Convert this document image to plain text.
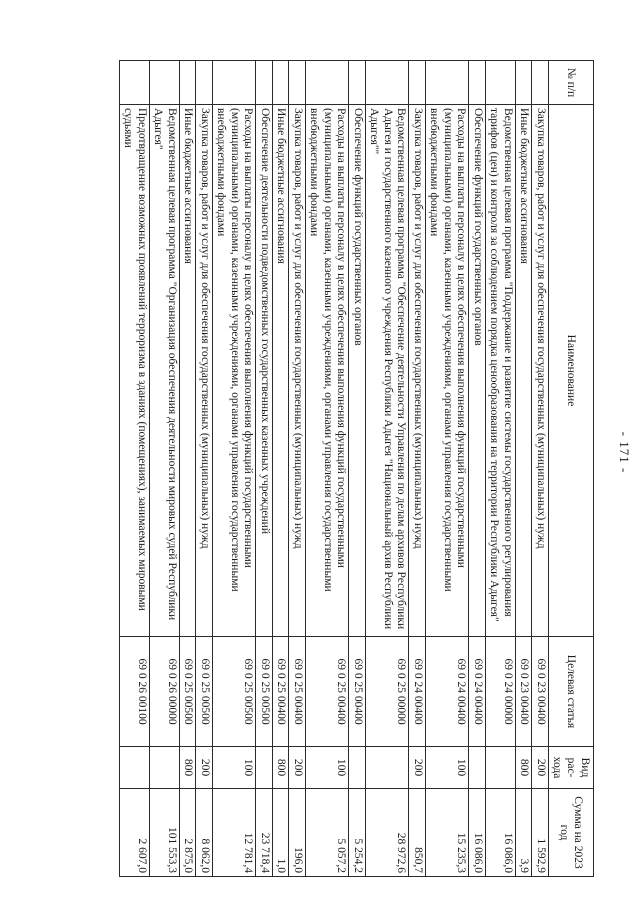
- 171 -
№ п/п	Наименование	Целевая статья	Вид рас-хода	Сумма на 2023 год
	Закупка товаров, работ и услуг для обеспечения государственных (муниципальных) нужд	69 0 23 00400	200	1 592,9
	Иные бюджетные ассигнования	69 0 23 00400	800	3,9
	Ведомственная целевая программа "Поддержание и развитие системы государственного регулирования тарифов (цен) и контроля за соблюдением порядка ценообразования на территории Республики Адыгея"	69 0 24 00000		16 086,0
	Обеспечение функций государственных органов	69 0 24 00400		16 086,0
	Расходы на выплаты персоналу в целях обеспечения выполнения функций государственными (муниципальными) органами, казенными учреждениями, органами управления государственными внебюджетными фондами	69 0 24 00400	100	15 235,3
	Закупка товаров, работ и услуг для обеспечения государственных (муниципальных) нужд	69 0 24 00400	200	850,7
	Ведомственная целевая программа "Обеспечение деятельности Управления по делам архивов Республики Адыгея и государственного казенного учреждения Республики Адыгея "Национальный архив Республики Адыгея""	69 0 25 00000		28 972,6
	Обеспечение функций государственных органов	69 0 25 00400		5 254,2
	Расходы на выплаты персоналу в целях обеспечения выполнения функций государственными (муниципальными) органами, казенными учреждениями, органами управления государственными внебюджетными фондами	69 0 25 00400	100	5 057,2
	Закупка товаров, работ и услуг для обеспечения государственных (муниципальных) нужд	69 0 25 00400	200	196,0
	Иные бюджетные ассигнования	69 0 25 00400	800	1,0
	Обеспечение деятельности подведомственных государственных казенных учреждений	69 0 25 00500		23 718,4
	Расходы на выплаты персоналу в целях обеспечения выполнения функций государственными (муниципальными) органами, казенными учреждениями, органами управления государственными внебюджетными фондами	69 0 25 00500	100	12 781,4
	Закупка товаров, работ и услуг для обеспечения государственных (муниципальных) нужд	69 0 25 00500	200	8 062,0
	Иные бюджетные ассигнования	69 0 25 00500	800	2 875,0
	Ведомственная целевая программа "Организация обеспечения деятельности мировых судей Республики Адыгея"	69 0 26 00000		101 553,3
	Предотвращение возможных проявлений терроризма в зданиях (помещениях), занимаемых мировыми судьями	69 0 26 00100		2 607,0
